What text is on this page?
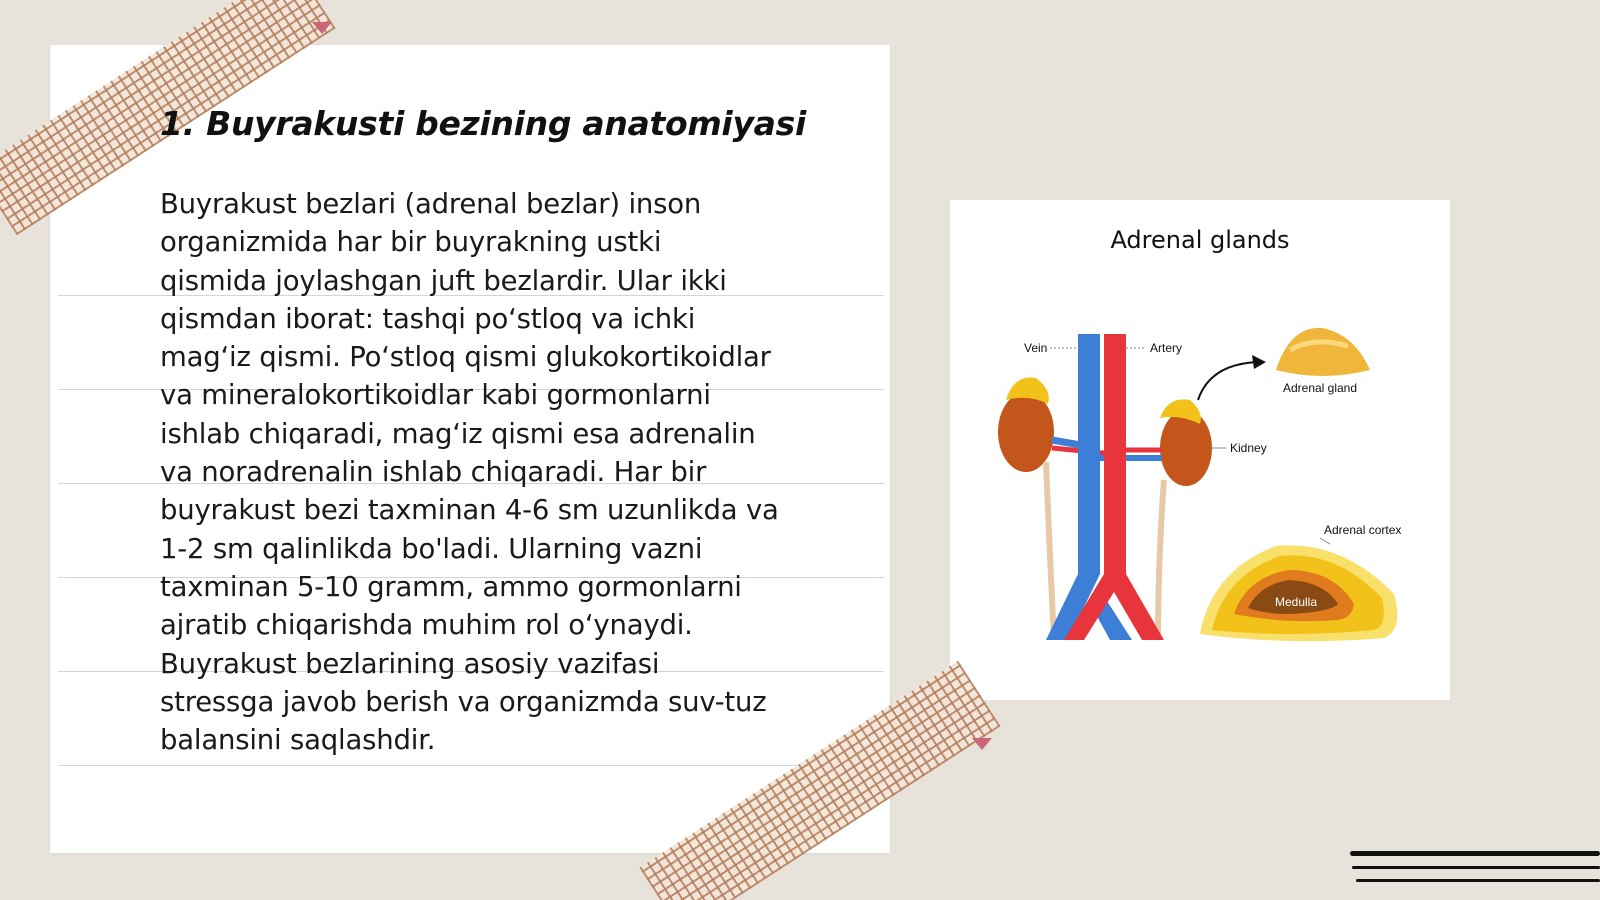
1. Buyrakusti bezining anatomiyasi
Buyrakust bezlari (adrenal bezlar) inson
organizmida har bir buyrakning ustki
qismida joylashgan juft bezlardir. Ular ikki
qismdan iborat: tashqi po‘stloq va ichki
mag‘iz qismi. Po‘stloq qismi glukokortikoidlar
va mineralokortikoidlar kabi gormonlarni
ishlab chiqaradi, mag‘iz qismi esa adrenalin
va noradrenalin ishlab chiqaradi. Har bir
buyrakust bezi taxminan 4-6 sm uzunlikda va
1-2 sm qalinlikda bo'ladi. Ularning vazni
taxminan 5-10 gramm, ammo gormonlarni
ajratib chiqarishda muhim rol o‘ynaydi.
Buyrakust bezlarining asosiy vazifasi
stressga javob berish va organizmda suv-tuz
balansini saqlashdir.
Adrenal glands
Vein	Artery
Kidney
Adrenal gland
Medulla
Adrenal cortex
